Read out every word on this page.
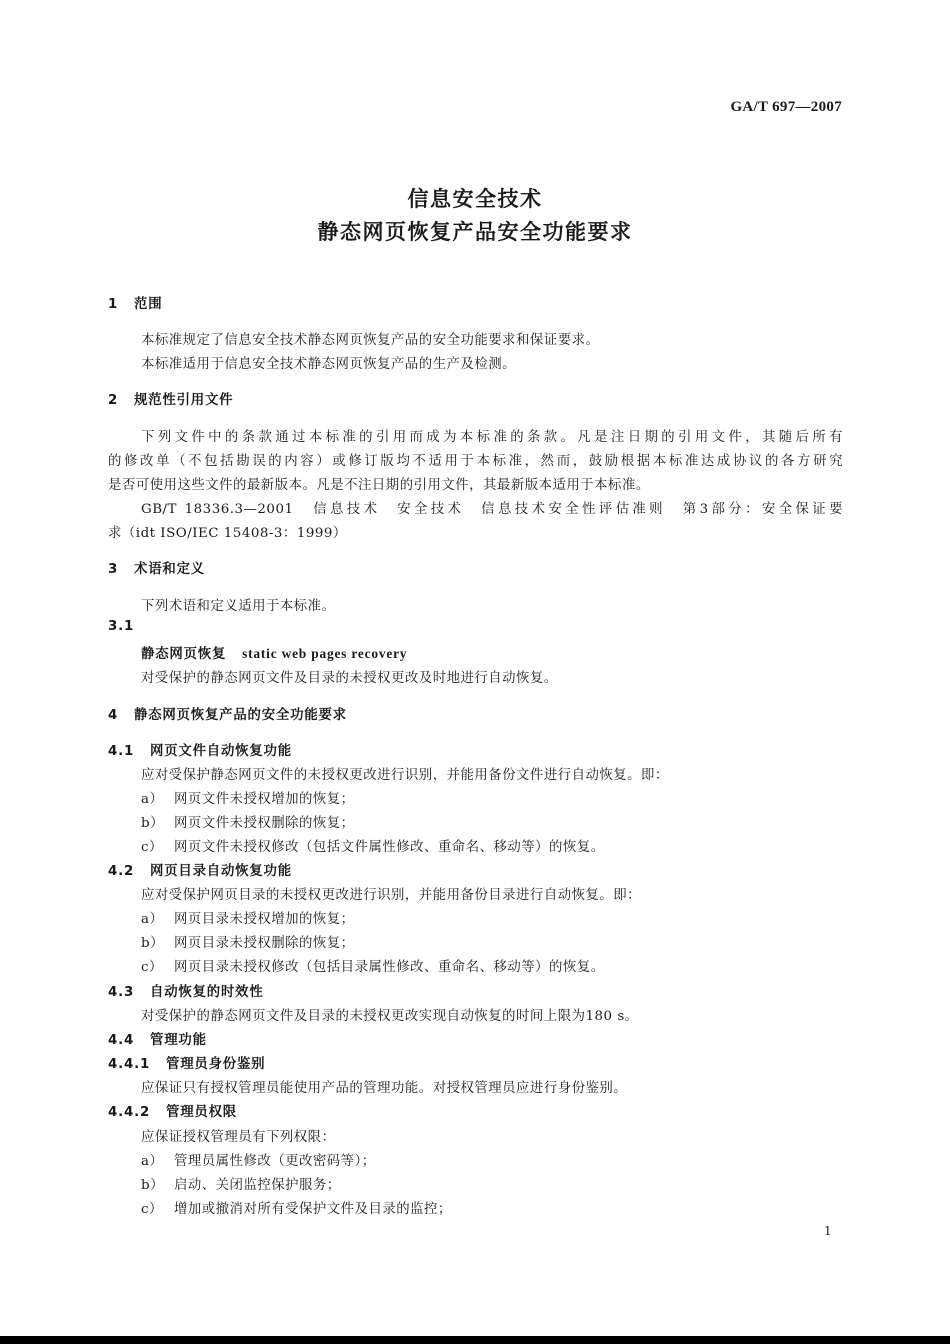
GA/T 697—2007
信息安全技术
静态网页恢复产品安全功能要求
1 范围
本标准规定了信息安全技术静态网页恢复产品的安全功能要求和保证要求。
本标准适用于信息安全技术静态网页恢复产品的生产及检测。
2 规范性引用文件
下列文件中的条款通过本标准的引用而成为本标准的条款。凡是注日期的引用文件，其随后所有
的修改单（不包括勘误的内容）或修订版均不适用于本标准，然而，鼓励根据本标准达成协议的各方研究
是否可使用这些文件的最新版本。凡是不注日期的引用文件，其最新版本适用于本标准。
GB/T 18336.3—2001　信息技术　安全技术　信息技术安全性评估准则　第3部分：安全保证要
求（idt ISO/IEC 15408-3：1999）
3 术语和定义
下列术语和定义适用于本标准。
3.1
静态网页恢复 static web pages recovery
对受保护的静态网页文件及目录的未授权更改及时地进行自动恢复。
4 静态网页恢复产品的安全功能要求
4.1 网页文件自动恢复功能
应对受保护静态网页文件的未授权更改进行识别，并能用备份文件进行自动恢复。即：
a） 网页文件未授权增加的恢复；
b） 网页文件未授权删除的恢复；
c） 网页文件未授权修改（包括文件属性修改、重命名、移动等）的恢复。
4.2 网页目录自动恢复功能
应对受保护网页目录的未授权更改进行识别，并能用备份目录进行自动恢复。即：
a） 网页目录未授权增加的恢复；
b） 网页目录未授权删除的恢复；
c） 网页目录未授权修改（包括目录属性修改、重命名、移动等）的恢复。
4.3 自动恢复的时效性
对受保护的静态网页文件及目录的未授权更改实现自动恢复的时间上限为180 s。
4.4 管理功能
4.4.1 管理员身份鉴别
应保证只有授权管理员能使用产品的管理功能。对授权管理员应进行身份鉴别。
4.4.2 管理员权限
应保证授权管理员有下列权限：
a） 管理员属性修改（更改密码等）；
b） 启动、关闭监控保护服务；
c） 增加或撤消对所有受保护文件及目录的监控；
1
